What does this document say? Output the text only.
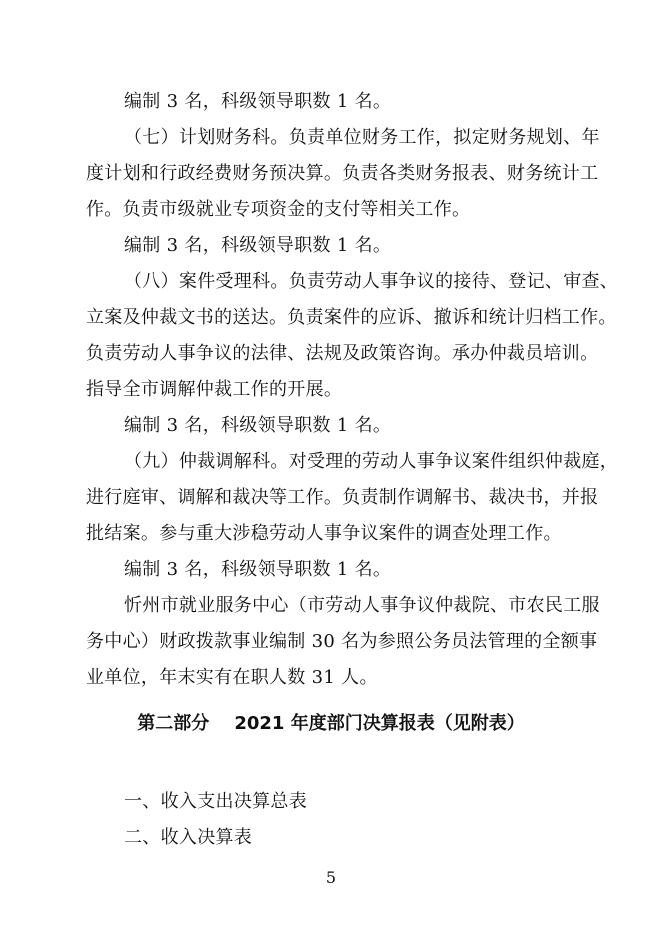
编制 3 名，科级领导职数 1 名。
（七）计划财务科。负责单位财务工作，拟定财务规划、年
度计划和行政经费财务预决算。负责各类财务报表、财务统计工
作。负责市级就业专项资金的支付等相关工作。
编制 3 名，科级领导职数 1 名。
（八）案件受理科。负责劳动人事争议的接待、登记、审查、
立案及仲裁文书的送达。负责案件的应诉、撤诉和统计归档工作。
负责劳动人事争议的法律、法规及政策咨询。承办仲裁员培训。
指导全市调解仲裁工作的开展。
编制 3 名，科级领导职数 1 名。
（九）仲裁调解科。对受理的劳动人事争议案件组织仲裁庭，
进行庭审、调解和裁决等工作。负责制作调解书、裁决书，并报
批结案。参与重大涉稳劳动人事争议案件的调查处理工作。
编制 3 名，科级领导职数 1 名。
忻州市就业服务中心（市劳动人事争议仲裁院、市农民工服
务中心）财政拨款事业编制 30 名为参照公务员法管理的全额事
业单位，年末实有在职人数 31 人。
第二部分    2021 年度部门决算报表（见附表）
一、收入支出决算总表
二、收入决算表
5
